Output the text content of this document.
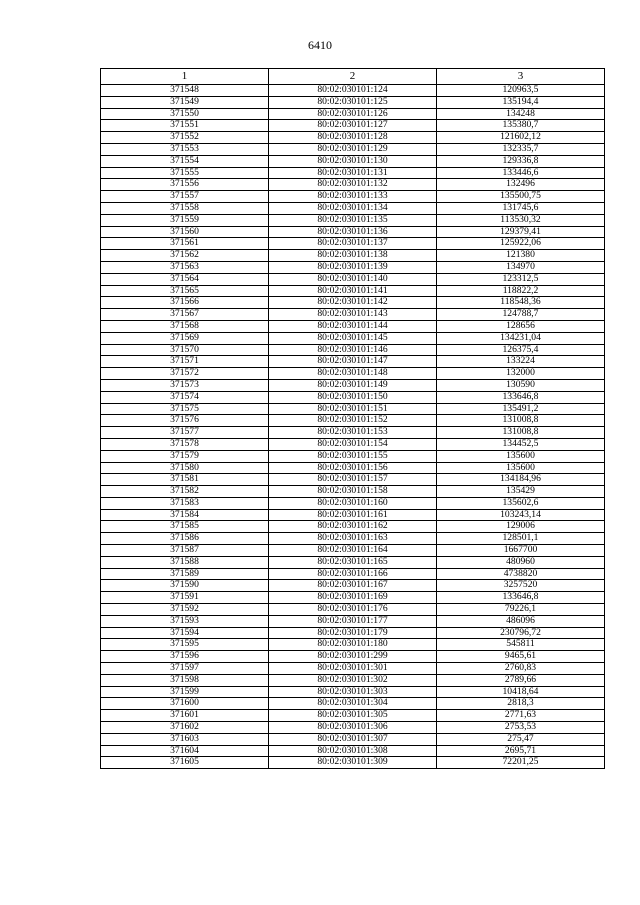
6410
1	2	3
371548	80:02:030101:124	120963,5
371549	80:02:030101:125	135194,4
371550	80:02:030101:126	134248
371551	80:02:030101:127	135380,7
371552	80:02:030101:128	121602,12
371553	80:02:030101:129	132335,7
371554	80:02:030101:130	129336,8
371555	80:02:030101:131	133446,6
371556	80:02:030101:132	132496
371557	80:02:030101:133	135500,75
371558	80:02:030101:134	131745,6
371559	80:02:030101:135	113530,32
371560	80:02:030101:136	129379,41
371561	80:02:030101:137	125922,06
371562	80:02:030101:138	121380
371563	80:02:030101:139	134970
371564	80:02:030101:140	123312,5
371565	80:02:030101:141	118822,2
371566	80:02:030101:142	118548,36
371567	80:02:030101:143	124788,7
371568	80:02:030101:144	128656
371569	80:02:030101:145	134231,04
371570	80:02:030101:146	126375,4
371571	80:02:030101:147	133224
371572	80:02:030101:148	132000
371573	80:02:030101:149	130590
371574	80:02:030101:150	133646,8
371575	80:02:030101:151	135491,2
371576	80:02:030101:152	131008,8
371577	80:02:030101:153	131008,8
371578	80:02:030101:154	134452,5
371579	80:02:030101:155	135600
371580	80:02:030101:156	135600
371581	80:02:030101:157	134184,96
371582	80:02:030101:158	135429
371583	80:02:030101:160	135602,6
371584	80:02:030101:161	103243,14
371585	80:02:030101:162	129006
371586	80:02:030101:163	128501,1
371587	80:02:030101:164	1667700
371588	80:02:030101:165	480960
371589	80:02:030101:166	4738820
371590	80:02:030101:167	3257520
371591	80:02:030101:169	133646,8
371592	80:02:030101:176	79226,1
371593	80:02:030101:177	486096
371594	80:02:030101:179	230796,72
371595	80:02:030101:180	545811
371596	80:02:030101:299	9465,61
371597	80:02:030101:301	2760,83
371598	80:02:030101:302	2789,66
371599	80:02:030101:303	10418,64
371600	80:02:030101:304	2818,3
371601	80:02:030101:305	2771,63
371602	80:02:030101:306	2753,53
371603	80:02:030101:307	275,47
371604	80:02:030101:308	2695,71
371605	80:02:030101:309	72201,25
